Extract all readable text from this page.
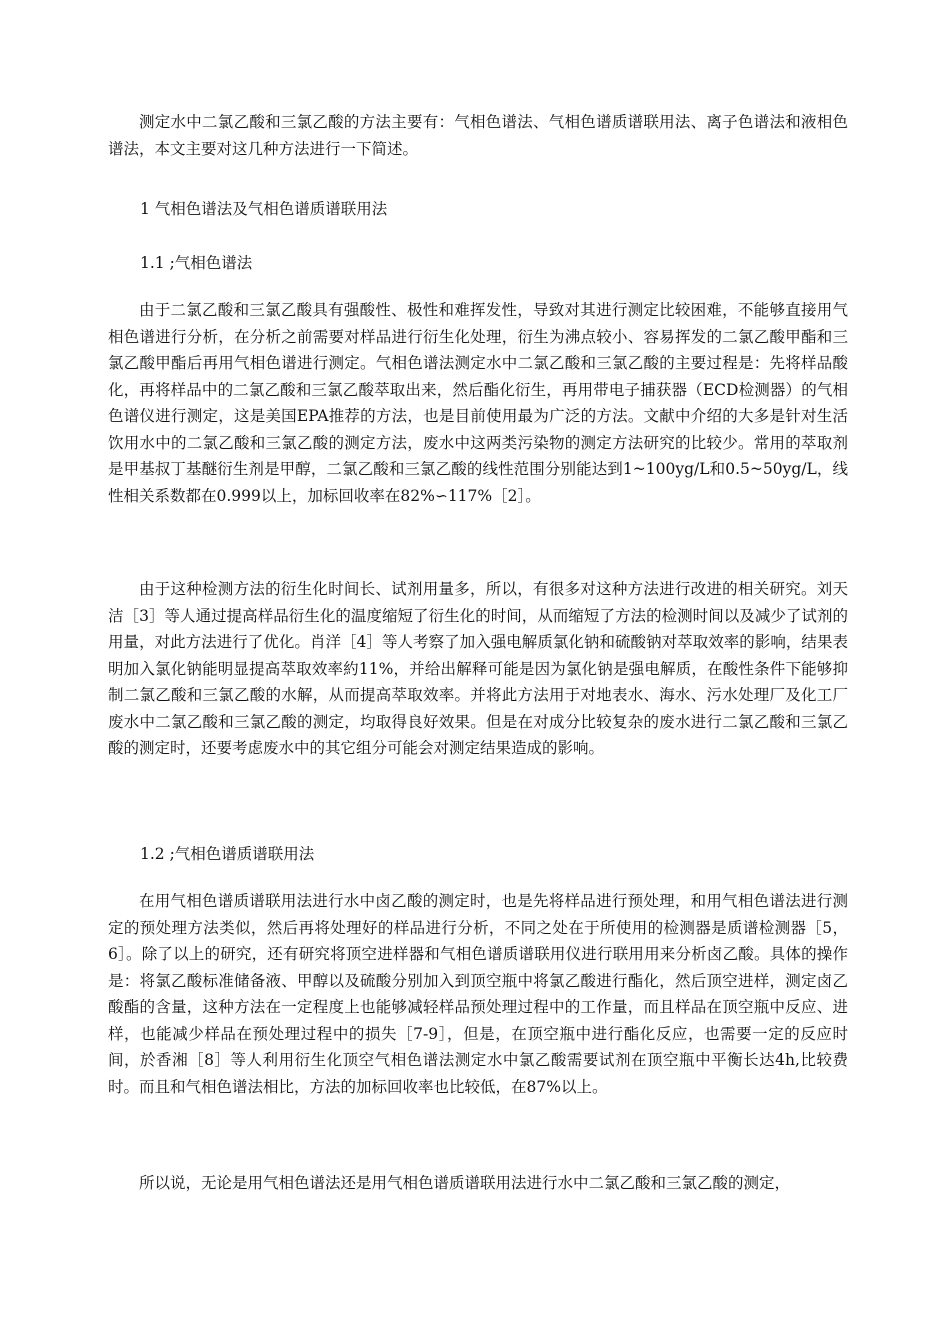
测定水中二氯乙酸和三氯乙酸的方法主要有：气相色谱法、气相色谱质谱联用法、离子色谱法和液相色谱法，本文主要对这几种方法进行一下简述。

1 气相色谱法及气相色谱质谱联用法

1.1 ;气相色谱法

由于二氯乙酸和三氯乙酸具有强酸性、极性和难挥发性，导致对其进行测定比较困难，不能够直接用气相色谱进行分析，在分析之前需要对样品进行衍生化处理，衍生为沸点较小、容易挥发的二氯乙酸甲酯和三氯乙酸甲酯后再用气相色谱进行测定。气相色谱法测定水中二氯乙酸和三氯乙酸的主要过程是：先将样品酸化，再将样品中的二氯乙酸和三氯乙酸萃取出来，然后酯化衍生，再用带电子捕获器（ECD检测器）的气相色谱仪进行测定，这是美国EPA推荐的方法，也是目前使用最为广泛的方法。文献中介绍的大多是针对生活饮用水中的二氯乙酸和三氯乙酸的测定方法，废水中这两类污染物的测定方法研究的比较少。常用的萃取剂是甲基叔丁基醚衍生剂是甲醇，二氯乙酸和三氯乙酸的线性范围分别能达到1~100yg/L和0.5~50yg/L，线性相关系数都在0.999以上，加标回收率在82%∽117%［2］。

由于这种检测方法的衍生化时间长、试剂用量多，所以，有很多对这种方法进行改进的相关研究。刘天洁［3］等人通过提高样品衍生化的温度缩短了衍生化的时间，从而缩短了方法的检测时间以及减少了试剂的用量，对此方法进行了优化。肖洋［4］等人考察了加入强电解质氯化钠和硫酸钠对萃取效率的影响，结果表明加入氯化钠能明显提高萃取效率約11%，并给出解释可能是因为氯化钠是强电解质，在酸性条件下能够抑制二氯乙酸和三氯乙酸的水解，从而提高萃取效率。并将此方法用于对地表水、海水、污水处理厂及化工厂废水中二氯乙酸和三氯乙酸的测定，均取得良好效果。但是在对成分比较复杂的废水进行二氯乙酸和三氯乙酸的测定时，还要考虑废水中的其它组分可能会对测定结果造成的影响。

1.2 ;气相色谱质谱联用法

在用气相色谱质谱联用法进行水中卤乙酸的测定时，也是先将样品进行预处理，和用气相色谱法进行测定的预处理方法类似，然后再将处理好的样品进行分析，不同之处在于所使用的检测器是质谱检测器［5，6］。除了以上的研究，还有研究将顶空进样器和气相色谱质谱联用仪进行联用用来分析卤乙酸。具体的操作是：将氯乙酸标准储备液、甲醇以及硫酸分别加入到顶空瓶中将氯乙酸进行酯化，然后顶空进样，测定卤乙酸酯的含量，这种方法在一定程度上也能够减轻样品预处理过程中的工作量，而且样品在顶空瓶中反应、进样，也能减少样品在预处理过程中的损失［7-9］，但是，在顶空瓶中进行酯化反应，也需要一定的反应时间，於香湘［8］等人利用衍生化顶空气相色谱法测定水中氯乙酸需要试剂在顶空瓶中平衡长达4h,比较费时。而且和气相色谱法相比，方法的加标回收率也比较低，在87%以上。

所以说，无论是用气相色谱法还是用气相色谱质谱联用法进行水中二氯乙酸和三氯乙酸的测定，
